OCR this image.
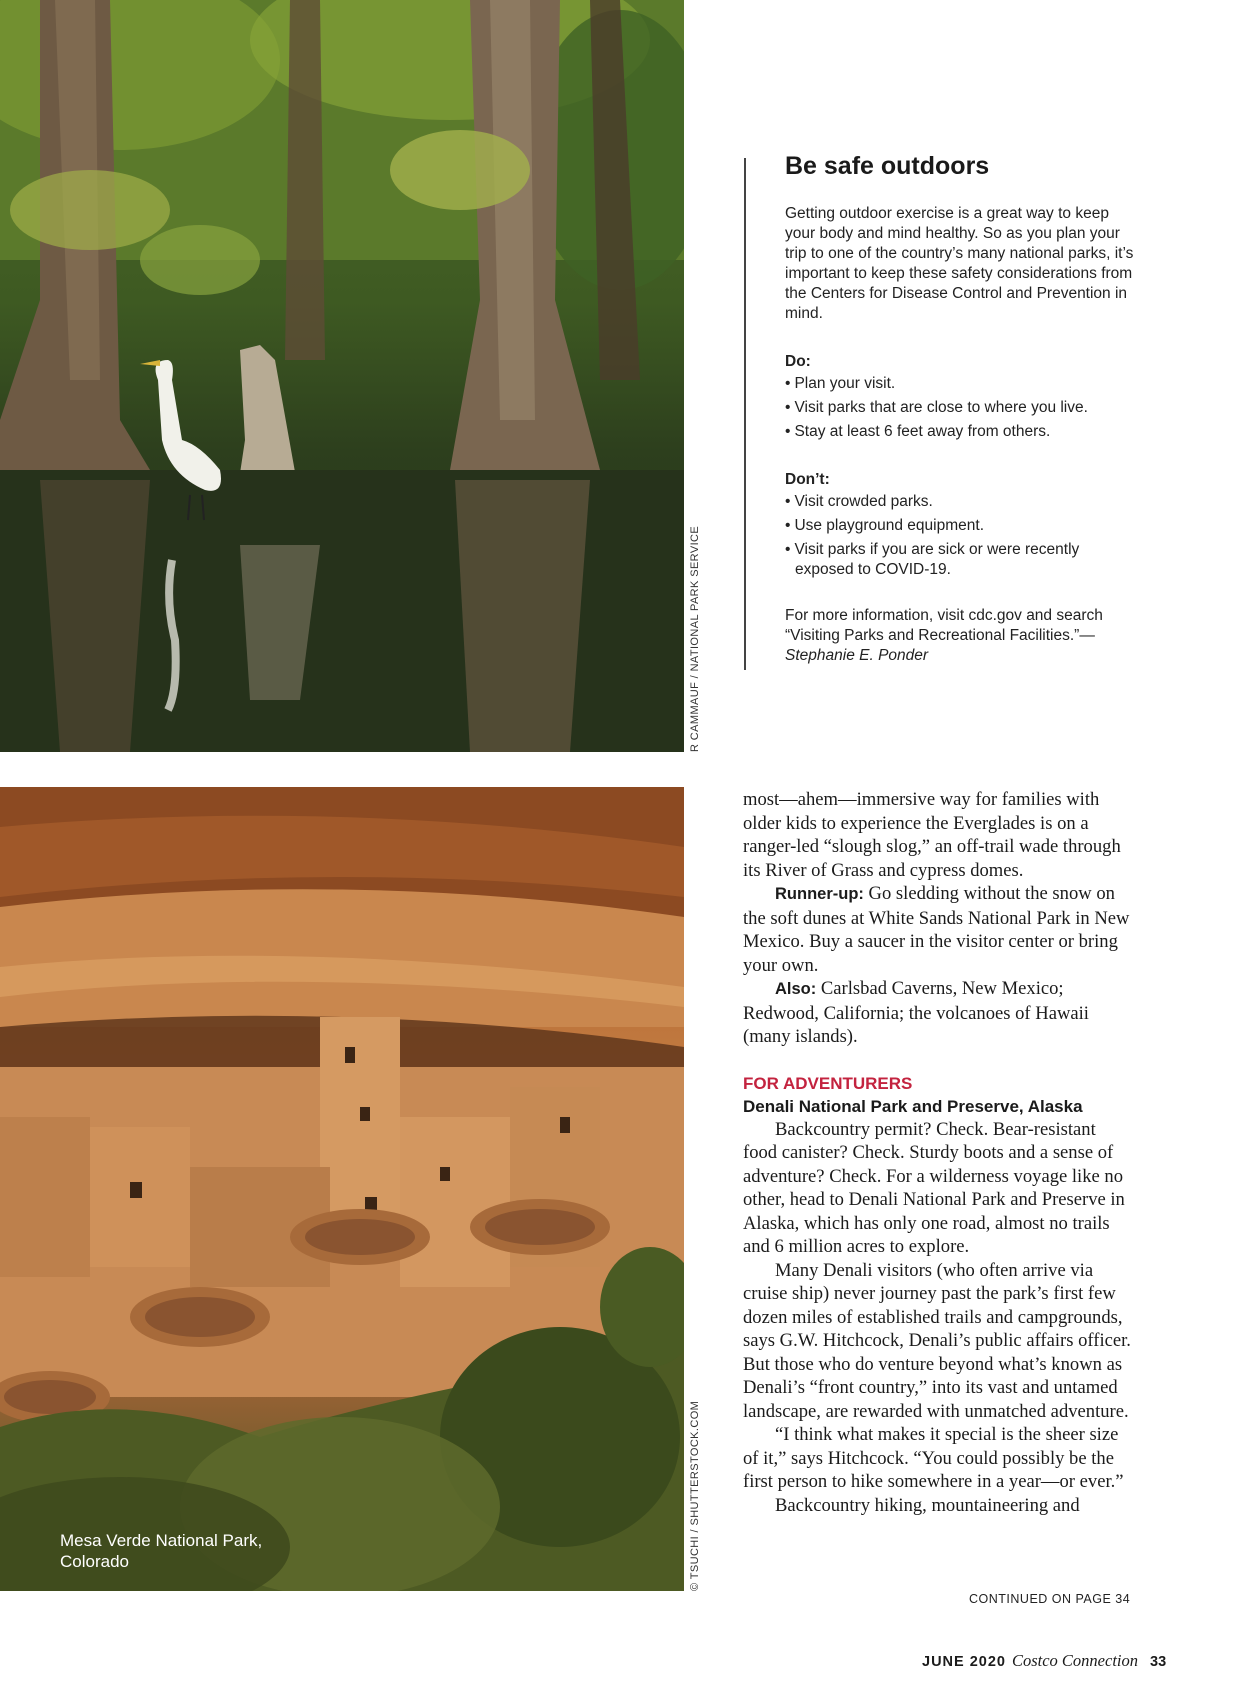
R CAMMAUF / NATIONAL PARK SERVICE
Mesa Verde National Park, Colorado	© TSUCHI / SHUTTERSTOCK.COM
Be safe outdoors

Getting outdoor exercise is a great way to keep your body and mind healthy. So as you plan your trip to one of the country’s many national parks, it’s important to keep these safety considerations from the Centers for Disease Control and Prevention in mind.

Do:
• Plan your visit.
• Visit parks that are close to where you live.
• Stay at least 6 feet away from others.
Don’t:
• Visit crowded parks.
• Use playground equipment.
• Visit parks if you are sick or were recently exposed to COVID-19.

For more information, visit cdc.gov and search “Visiting Parks and Recreational Facilities.”—Stephanie E. Ponder

most—ahem—immersive way for families with older kids to experience the Everglades is on a ranger-led “slough slog,” an off-trail wade through its River of Grass and cypress domes.

Runner-up: Go sledding without the snow on the soft dunes at White Sands National Park in New Mexico. Buy a saucer in the visitor center or bring your own.

Also: Carlsbad Caverns, New Mexico; Redwood, California; the volcanoes of Hawaii (many islands).

FOR ADVENTURERS
Denali National Park and Preserve, Alaska

Backcountry permit? Check. Bear-resistant food canister? Check. Sturdy boots and a sense of adventure? Check. For a wilderness voyage like no other, head to Denali National Park and Preserve in Alaska, which has only one road, almost no trails and 6 million acres to explore.

Many Denali visitors (who often arrive via cruise ship) never journey past the park’s first few dozen miles of established trails and campgrounds, says G.W. Hitchcock, Denali’s public affairs officer. But those who do venture beyond what’s known as Denali’s “front country,” into its vast and untamed landscape, are rewarded with unmatched adventure.

“I think what makes it special is the sheer size of it,” says Hitchcock. “You could possibly be the first person to hike somewhere in a year—or ever.”

Backcountry hiking, mountaineering and

CONTINUED ON PAGE 34
JUNE 2020 Costco Connection 33
